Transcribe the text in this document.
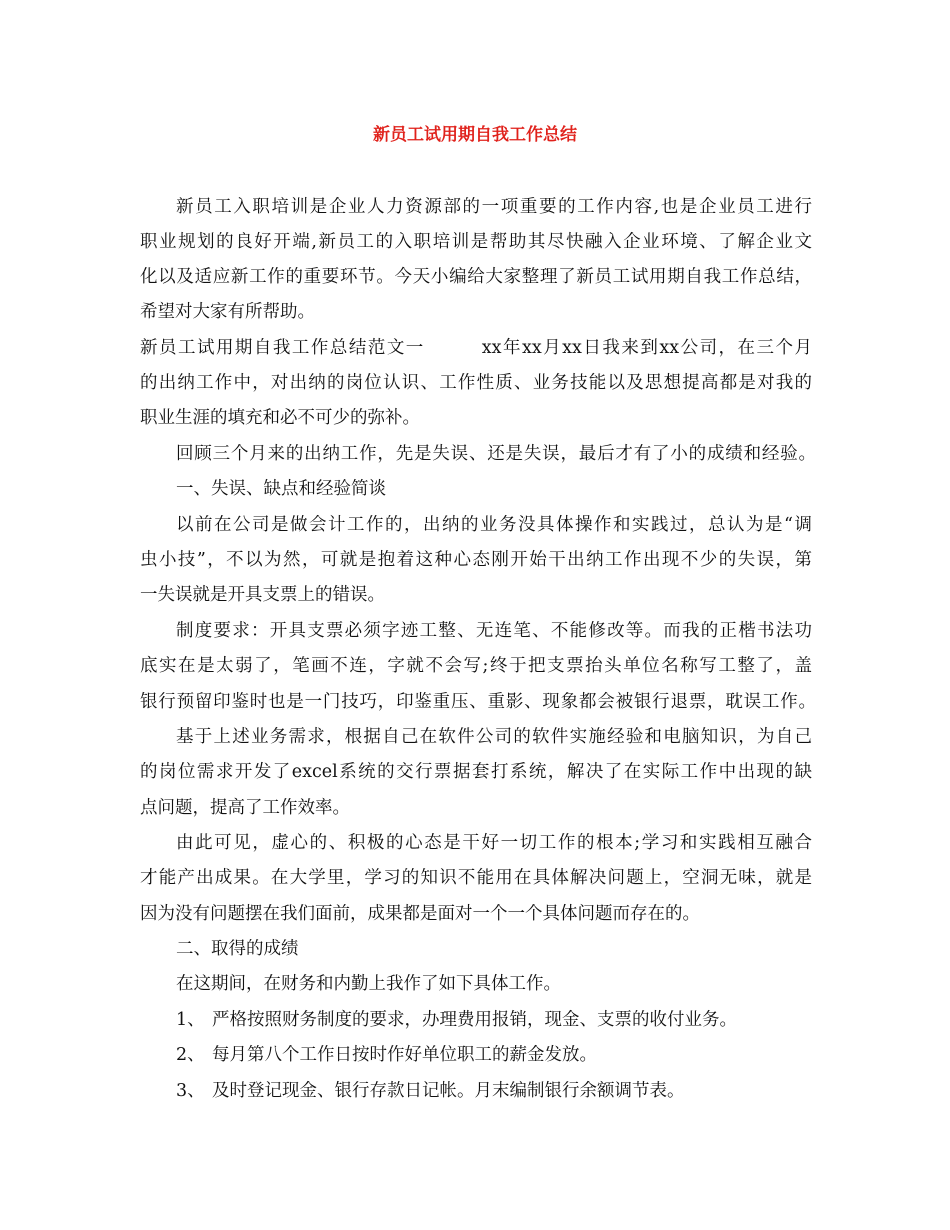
新员工试用期自我工作总结

新员工入职培训是企业人力资源部的一项重要的工作内容,也是企业员工进行

职业规划的良好开端,新员工的入职培训是帮助其尽快融入企业环境、了解企业文

化以及适应新工作的重要环节。今天小编给大家整理了新员工试用期自我工作总结，

希望对大家有所帮助。

新员工试用期自我工作总结范文一　　　xx年xx月xx日我来到xx公司，在三个月

的出纳工作中，对出纳的岗位认识、工作性质、业务技能以及思想提高都是对我的

职业生涯的填充和必不可少的弥补。

回顾三个月来的出纳工作，先是失误、还是失误，最后才有了小的成绩和经验。

一、失误、缺点和经验简谈

以前在公司是做会计工作的，出纳的业务没具体操作和实践过，总认为是“调

虫小技”，不以为然，可就是抱着这种心态刚开始干出纳工作出现不少的失误，第

一失误就是开具支票上的错误。

制度要求：开具支票必须字迹工整、无连笔、不能修改等。而我的正楷书法功

底实在是太弱了，笔画不连，字就不会写;终于把支票抬头单位名称写工整了，盖

银行预留印鉴时也是一门技巧，印鉴重压、重影、现象都会被银行退票，耽误工作。

基于上述业务需求，根据自己在软件公司的软件实施经验和电脑知识，为自己

的岗位需求开发了excel系统的交行票据套打系统，解决了在实际工作中出现的缺

点问题，提高了工作效率。

由此可见，虚心的、积极的心态是干好一切工作的根本;学习和实践相互融合

才能产出成果。在大学里，学习的知识不能用在具体解决问题上，空洞无味，就是

因为没有问题摆在我们面前，成果都是面对一个一个具体问题而存在的。

二、取得的成绩

在这期间，在财务和内勤上我作了如下具体工作。

1、 严格按照财务制度的要求，办理费用报销，现金、支票的收付业务。
2、 每月第八个工作日按时作好单位职工的薪金发放。
3、 及时登记现金、银行存款日记帐。月末编制银行余额调节表。
